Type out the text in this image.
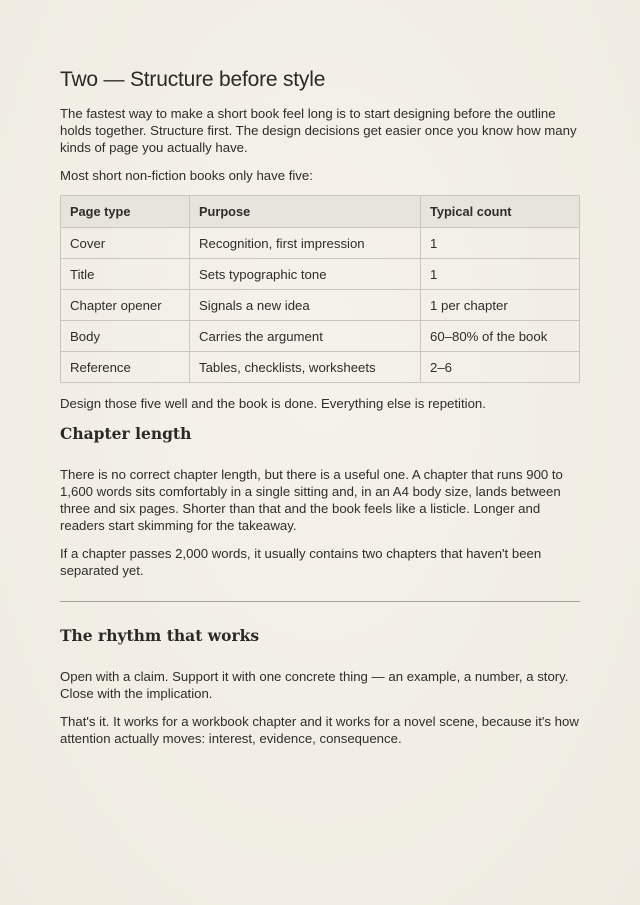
Two — Structure before style

The fastest way to make a short book feel long is to start designing before the outline holds together. Structure first. The design decisions get easier once you know how many kinds of page you actually have.

Most short non-fiction books only have five:

Page type	Purpose	Typical count
Cover	Recognition, first impression	1
Title	Sets typographic tone	1
Chapter opener	Signals a new idea	1 per chapter
Body	Carries the argument	60–80% of the book
Reference	Tables, checklists, worksheets	2–6

Design those five well and the book is done. Everything else is repetition.

Chapter length

There is no correct chapter length, but there is a useful one. A chapter that runs 900 to 1,600 words sits comfortably in a single sitting and, in an A4 body size, lands between three and six pages. Shorter than that and the book feels like a listicle. Longer and readers start skimming for the takeaway.

If a chapter passes 2,000 words, it usually contains two chapters that haven't been separated yet.

The rhythm that works

Open with a claim. Support it with one concrete thing — an example, a number, a story. Close with the implication.

That's it. It works for a workbook chapter and it works for a novel scene, because it's how attention actually moves: interest, evidence, consequence.
